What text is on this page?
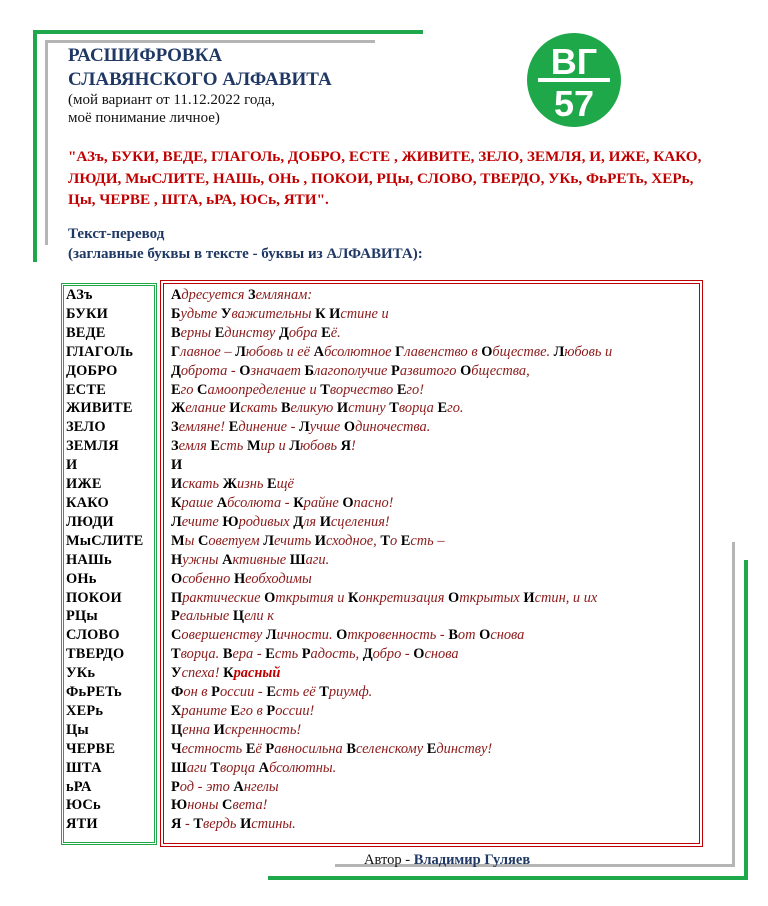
РАСШИФРОВКА
СЛАВЯНСКОГО АЛФАВИТА
(мой вариант от 11.12.2022 года,
моё понимание личное)
ВГ
57
"АЗъ, БУКИ, ВЕДЕ, ГЛАГОЛь, ДОБРО, ЕСТЕ , ЖИВИТЕ, ЗЕЛО, ЗЕМЛЯ, И, ИЖЕ, КАКО, ЛЮДИ, МыСЛИТЕ, НАШь, ОНь , ПОКОИ, РЦы, СЛОВО, ТВЕРДО, УКь, ФьРЕТь, ХЕРь, Цы, ЧЕРВЕ , ШТА, ьРА, ЮСь, ЯТИ".
Текст-перевод
(заглавные буквы в тексте - буквы из АЛФАВИТА):
АЗъ	Адресуется Землянам:
БУКИ	Будьте Уважительны К Истине и
ВЕДЕ	Верны Единству Добра Её.
ГЛАГОЛь	Главное – Любовь и её Абсолютное Главенство в Обществе. Любовь и
ДОБРО	Доброта - Означает Благополучие Развитого Общества,
ЕСТЕ	Его Самоопределение и Творчество Его!
ЖИВИТЕ	Желание Искать Великую Истину Творца Его.
ЗЕЛО	Земляне! Единение - Лучше Одиночества.
ЗЕМЛЯ	Земля Есть Мир и Любовь Я!
И	И
ИЖЕ	Искать Жизнь Ещё
КАКО	Краше Абсолюта - Крайне Опасно!
ЛЮДИ	Лечите Юродивых Для Исцеления!
МыСЛИТЕ Мы Советуем Лечить Исходное, То Есть –
НАШь	Нужны Активные Шаги.
ОНь	Особенно Необходимы
ПОКОИ	Практические Открытия и Конкретизация Открытых Истин, и их
РЦы	Реальные Цели к
СЛОВО	Совершенству Личности. Откровенность - Вот Основа
ТВЕРДО	Творца. Вера - Есть Радость, Добро - Основа
УКь	Успеха! Красный
ФьРЕТь	Фон в России - Есть её Триумф.
ХЕРь	Храните Его в России!
Цы	Ценна Искренность!
ЧЕРВЕ	Честность Её Равносильна Вселенскому Единству!
ШТА	Шаги Творца Абсолютны.
ьРА	Род - это Ангелы
ЮСь	Юноны Света!
ЯТИ	Я - Твердь Истины.
Автор - Владимир Гуляев
